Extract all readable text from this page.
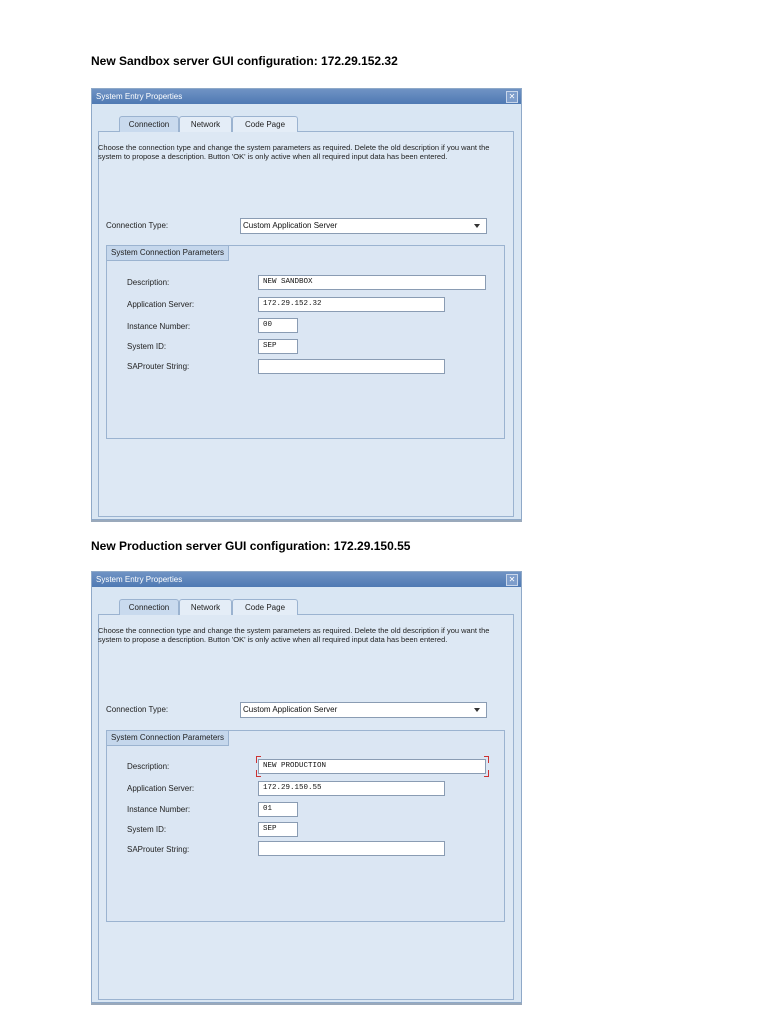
New Sandbox server GUI configuration: 172.29.152.32
System Entry Properties	✕
Connection	Network	Code Page
Choose the connection type and change the system parameters as required. Delete the old description if you want the system to propose a description. Button 'OK' is only active when all required input data has been entered.
Connection Type:	Custom Application Server
System Connection Parameters
Description:	NEW SANDBOX
Application Server:	172.29.152.32
Instance Number:	00
System ID:	SEP
SAProuter String:
New Production server GUI configuration: 172.29.150.55
System Entry Properties	✕
Connection	Network	Code Page
Choose the connection type and change the system parameters as required. Delete the old description if you want the system to propose a description. Button 'OK' is only active when all required input data has been entered.
Connection Type:	Custom Application Server
System Connection Parameters
Description:	NEW PRODUCTION
Application Server:	172.29.150.55
Instance Number:	01
System ID:	SEP
SAProuter String:
